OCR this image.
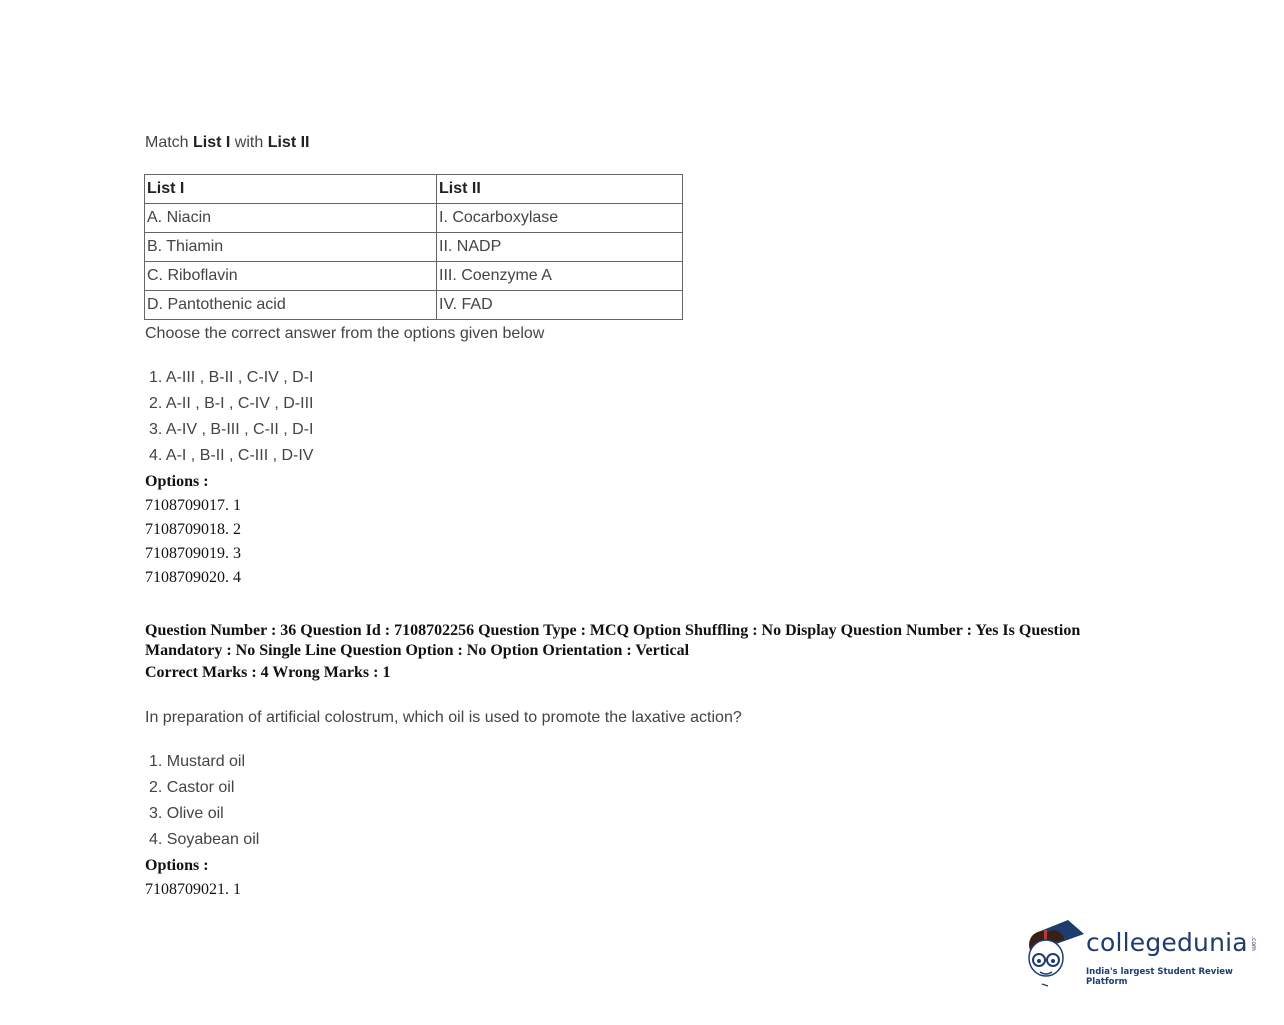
Match List I with List II
List I	List II
A. Niacin	I. Cocarboxylase
B. Thiamin	II. NADP
C. Riboflavin	III. Coenzyme A
D. Pantothenic acid	IV. FAD
Choose the correct answer from the options given below
1. A-III , B-II , C-IV , D-I
2. A-II , B-I , C-IV , D-III
3. A-IV , B-III , C-II , D-I
4. A-I , B-II , C-III , D-IV
Options :
7108709017. 1
7108709018. 2
7108709019. 3
7108709020. 4
Question Number : 36 Question Id : 7108702256 Question Type : MCQ Option Shuffling : No Display Question Number : Yes Is Question Mandatory : No Single Line Question Option : No Option Orientation : Vertical
Correct Marks : 4 Wrong Marks : 1
In preparation of artificial colostrum, which oil is used to promote the laxative action?
1. Mustard oil
2. Castor oil
3. Olive oil
4. Soyabean oil
Options :
7108709021. 1
collegedunia .com
India's largest Student Review Platform
